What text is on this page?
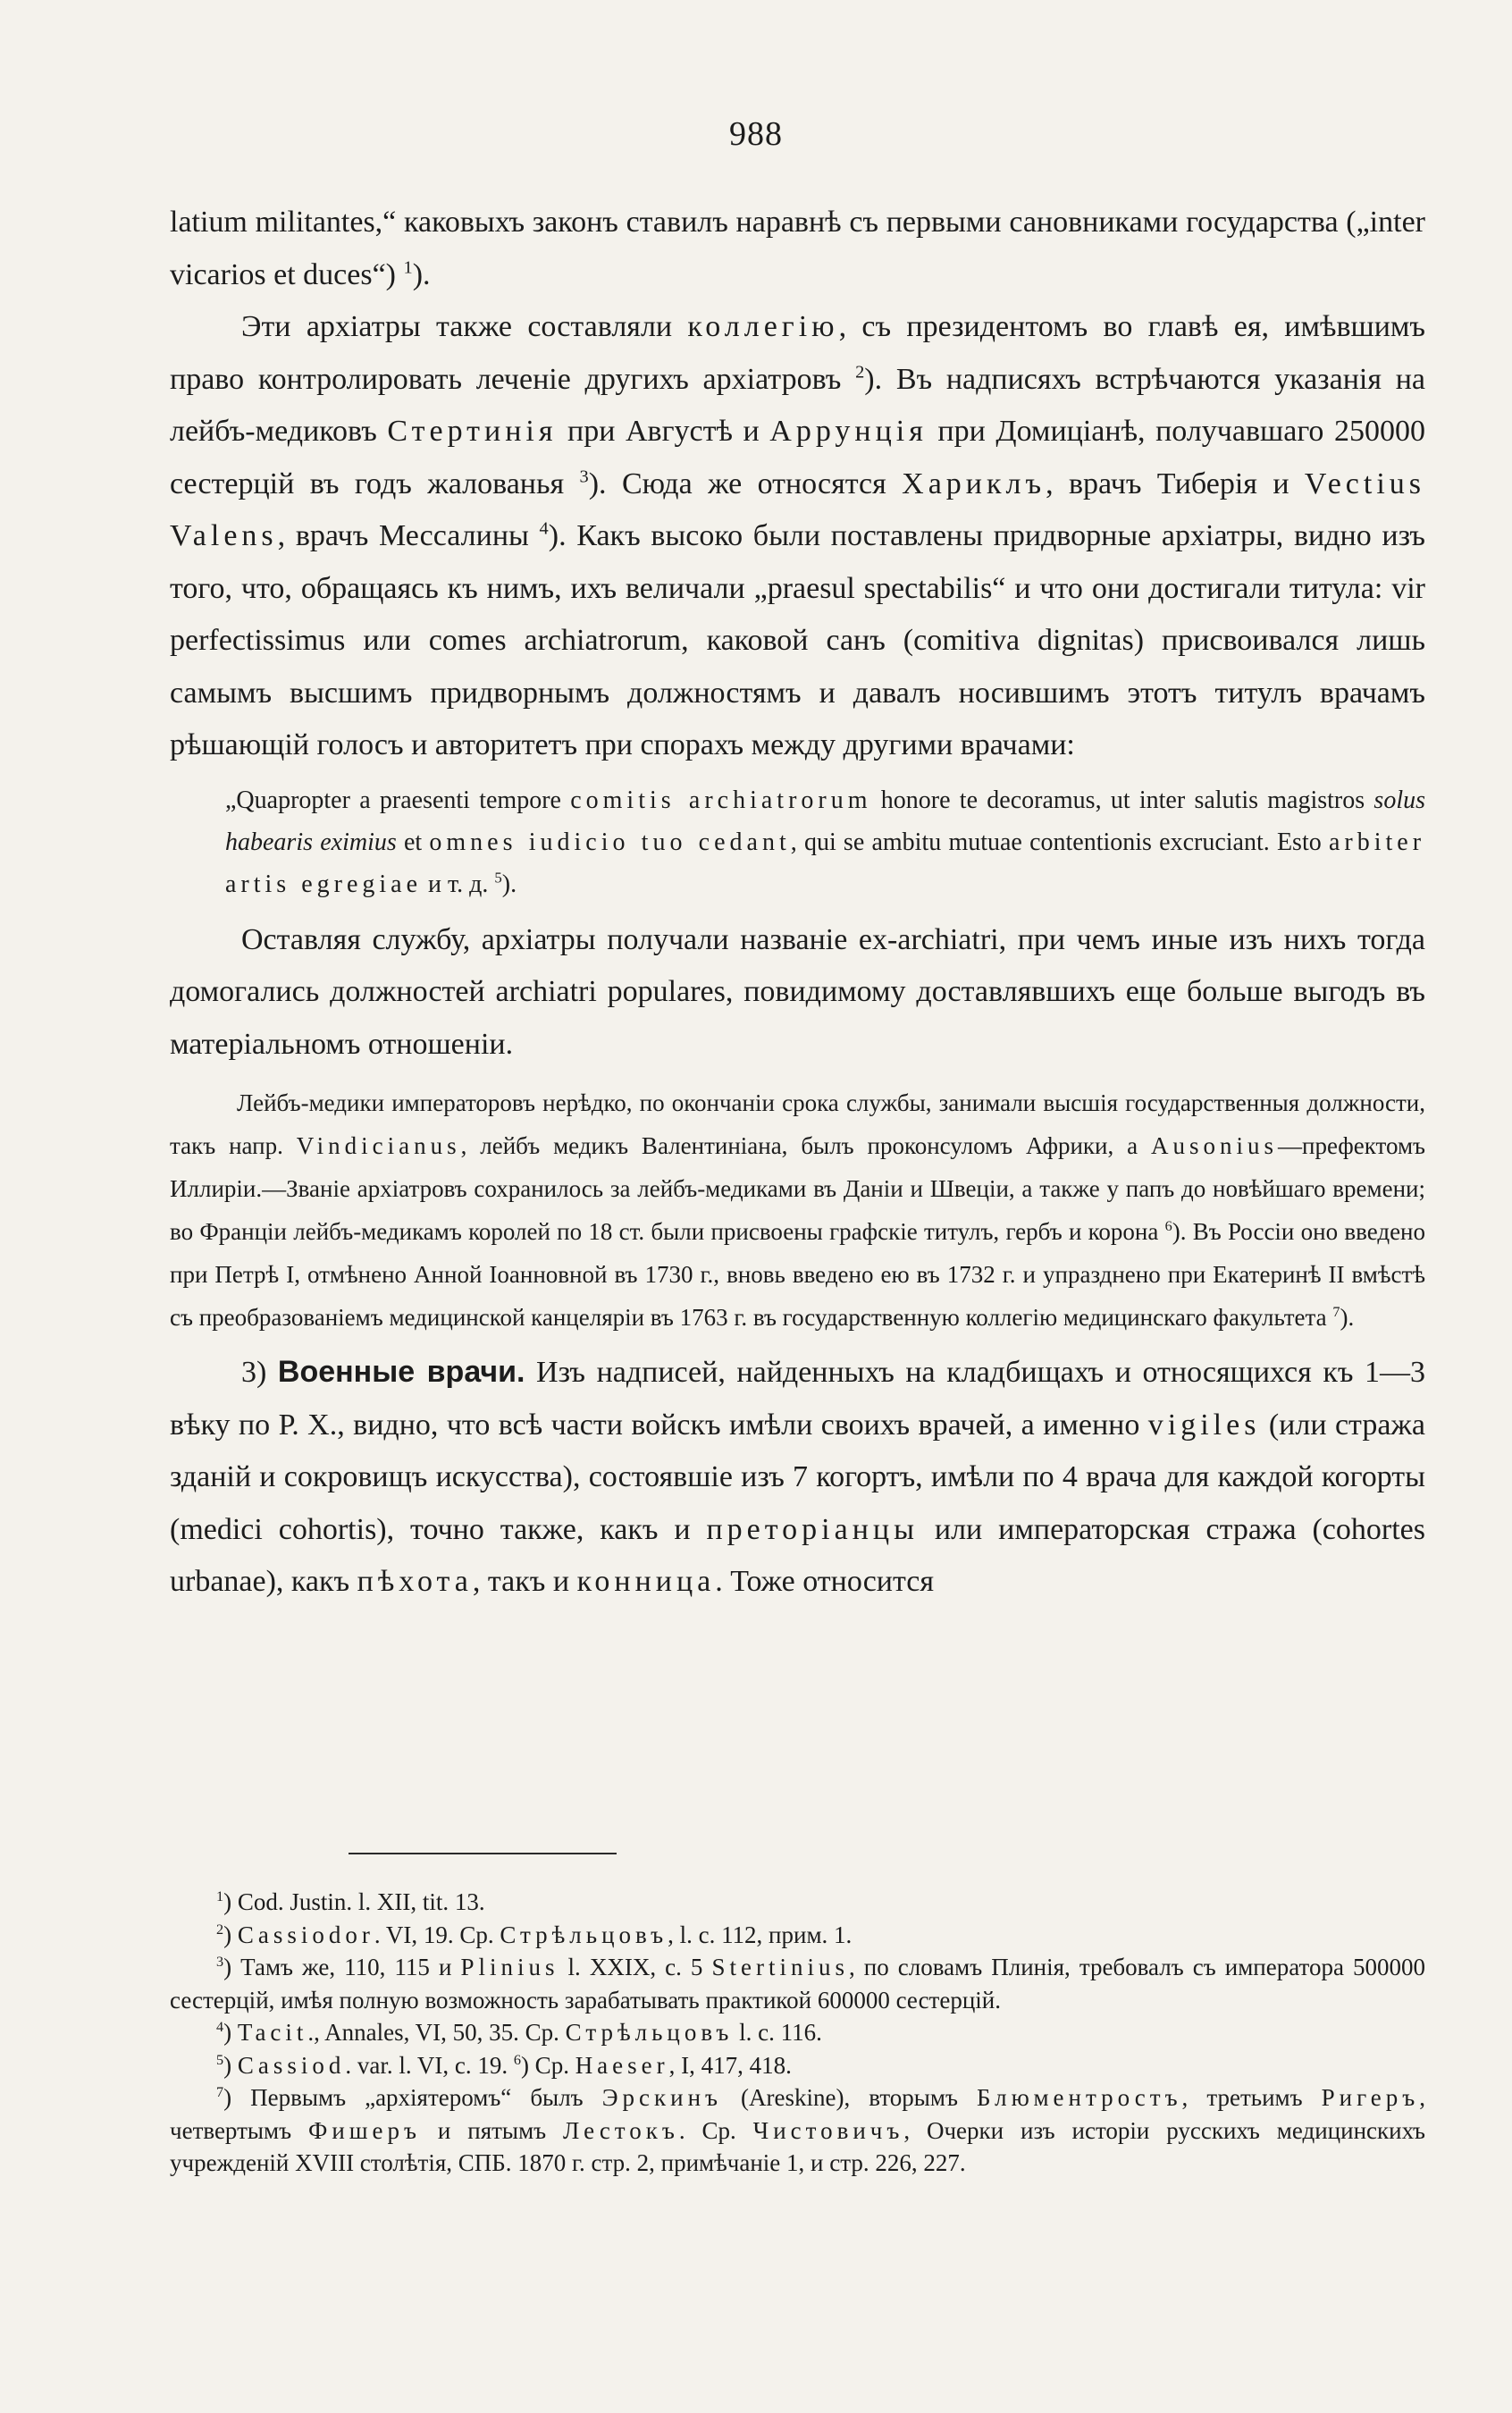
988

latium militantes,“ каковыхъ законъ ставилъ наравнѣ съ первыми сановниками государства („inter vicarios et duces“) $^1$).

Эти архіатры также составляли коллегію, съ президентомъ во главѣ ея, имѣвшимъ право контролировать леченіе другихъ архіатровъ $^2$). Въ надписяхъ встрѣчаются указанія на лейбъ-медиковъ Стертинія при Августѣ и Аррунція при Домиціанѣ, получавшаго 250000 сестерцій въ годъ жалованья $^3$). Сюда же относятся Хариклъ, врачъ Тиберія и Vectius Valens, врачъ Мессалины $^4$). Какъ высоко были поставлены придворные архіатры, видно изъ того, что, обращаясь къ нимъ, ихъ величали „praesul spectabilis“ и что они достигали титула: vir perfectissimus или comes archiatrorum, каковой санъ (comitiva dignitas) присвоивался лишь самымъ высшимъ придворнымъ должностямъ и давалъ носившимъ этотъ титулъ врачамъ рѣшающій голосъ и авторитетъ при спорахъ между другими врачами:

„Quapropter a praesenti tempore comitis archiatrorum honore te decoramus, ut inter salutis magistros solus habearis eximius et omnes iudicio tuo cedant, qui se ambitu mutuae contentionis excruciant. Esto arbiter artis egregiae и т. д. $^5$).

Оставляя службу, архіатры получали названіе ex-archiatri, при чемъ иные изъ нихъ тогда домогались должностей archiatri populares, повидимому доставлявшихъ еще больше выгодъ въ матеріальномъ отношеніи.

Лейбъ-медики императоровъ нерѣдко, по окончаніи срока службы, занимали высшія государственныя должности, такъ напр. Vindicianus, лейбъ медикъ Валентиніана, былъ проконсуломъ Африки, а Ausonius—префектомъ Иллиріи.—Званіе архіатровъ сохранилось за лейбъ-медиками въ Даніи и Швеціи, а также у папъ до новѣйшаго времени; во Франціи лейбъ-медикамъ королей по 18 ст. были присвоены графскіе титулъ, гербъ и корона $^6$). Въ Россіи оно введено при Петрѣ I, отмѣнено Анной Іоанновной въ 1730 г., вновь введено ею въ 1732 г. и упразднено при Екатеринѣ II вмѣстѣ съ преобразованіемъ медицинской канцеляріи въ 1763 г. въ государственную коллегію медицинскаго факультета $^7$).

3) Военные врачи. Изъ надписей, найденныхъ на кладбищахъ и относящихся къ 1—3 вѣку по Р. Х., видно, что всѣ части войскъ имѣли своихъ врачей, а именно vigiles (или стража зданій и сокровищъ искусства), состоявшіе изъ 7 когортъ, имѣли по 4 врача для каждой когорты (medici cohortis), точно также, какъ и преторіанцы или императорская стража (cohortes urbanae), какъ пѣхота, такъ и конница. Тоже относится

$^1$) Cod. Justin. l. XII, tit. 13.

$^2$) Cassiodor. VI, 19. Ср. Стрѣльцовъ, l. c. 112, прим. 1.

$^3$) Тамъ же, 110, 115 и Plinius l. XXIX, c. 5 Stertinius, по словамъ Плинія, требовалъ съ императора 500000 сестерцій, имѣя полную возможность зарабатывать практикой 600000 сестерцій.

$^4$) Tacit., Annales, VI, 50, 35. Ср. Стрѣльцовъ l. c. 116.

$^5$) Cassiod. var. l. VI, c. 19. $^6$) Ср. Haeser, I, 417, 418.

$^7$) Первымъ „архіятеромъ“ былъ Эрскинъ (Areskine), вторымъ Блюментростъ, третьимъ Ригеръ, четвертымъ Фишеръ и пятымъ Лестокъ. Ср. Чистовичъ, Очерки изъ исторіи русскихъ медицинскихъ учрежденій XVIII столѣтія, СПБ. 1870 г. стр. 2, примѣчаніе 1, и стр. 226, 227.
